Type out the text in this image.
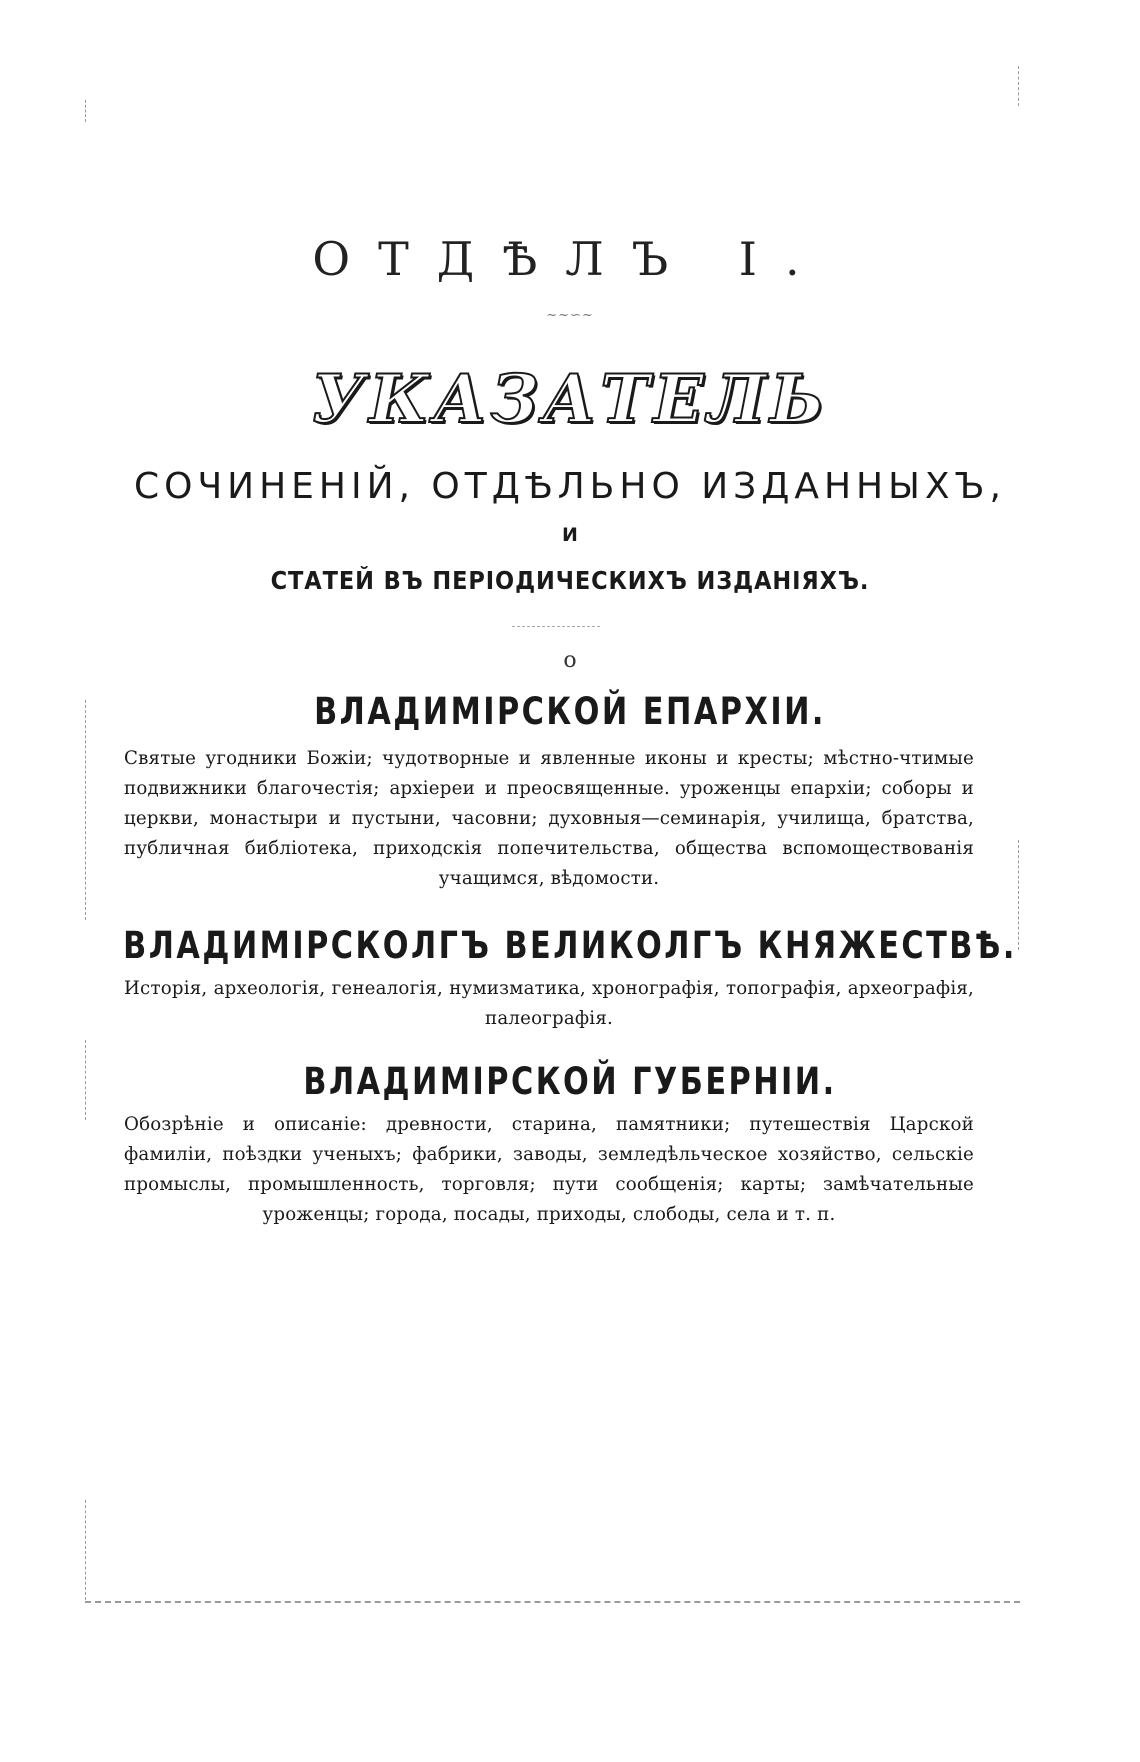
ОТДѢЛЪ I.
~~∽~
УКАЗАТЕЛЬ
СОЧИНЕНIЙ, ОТДѢЛЬНО ИЗДАННЫХЪ,
И
СТАТЕЙ ВЪ ПЕРIОДИЧЕСКИХЪ ИЗДАНIЯХЪ.
о
ВЛАДИМIРСКОЙ ЕПАРХIИ.
Святые угодники Божiи; чудотворные и явленные иконы и кресты; мѣстно-чтимые подвижники благочестiя; архiереи и преосвященные. уроженцы епархiи; соборы и церкви, монастыри и пустыни, часовни; духовныя—семинарiя, училища, братства, публичная библiотека, приходскiя попечительства, общества вспомоществованiя учащимся, вѣдомости.
ВЛАДИМIРСКОЛГЪ ВЕЛИКОЛГЪ КНЯЖЕСТВѢ.
Исторiя, археологiя, генеалогiя, нумизматика, хронографiя, топографiя, археографiя, палеографiя.
ВЛАДИМIРСКОЙ ГУБЕРНIИ.
Обозрѣнiе и описанiе: древности, старина, памятники; путешествiя Царской фамилiи, поѣздки ученыхъ; фабрики, заводы, земледѣльческое хозяйство, сельскiе промыслы, промышленность, торговля; пути сообщенiя; карты; замѣчательные уроженцы; города, посады, приходы, слободы, села и т. п.
